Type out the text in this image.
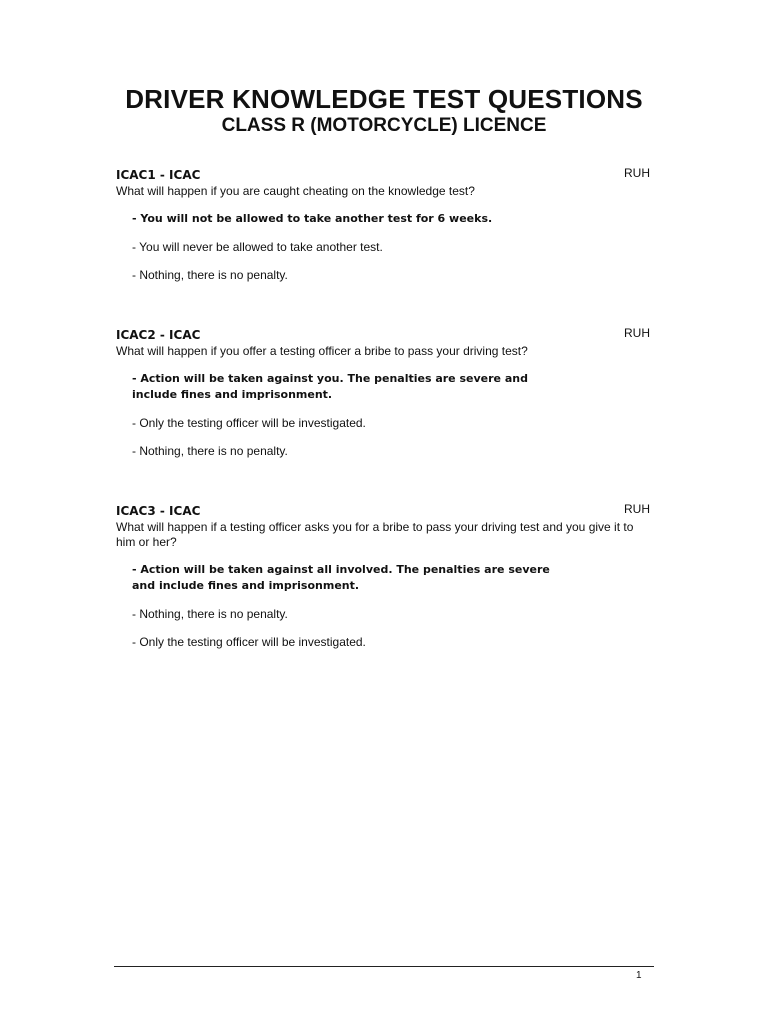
DRIVER KNOWLEDGE TEST QUESTIONS
CLASS R (MOTORCYCLE) LICENCE
ICAC1 - ICAC	RUH
What will happen if you are caught cheating on the knowledge test?
- You will not be allowed to take another test for 6 weeks.
- You will never be allowed to take another test.
- Nothing, there is no penalty.
ICAC2 - ICAC	RUH
What will happen if you offer a testing officer a bribe to pass your driving test?
- Action will be taken against you. The penalties are severe and include fines and imprisonment.
- Only the testing officer will be investigated.
- Nothing, there is no penalty.
ICAC3 - ICAC	RUH
What will happen if a testing officer asks you for a bribe to pass your driving test and you give it to him or her?
- Action will be taken against all involved. The penalties are severe and include fines and imprisonment.
- Nothing, there is no penalty.
- Only the testing officer will be investigated.
1
